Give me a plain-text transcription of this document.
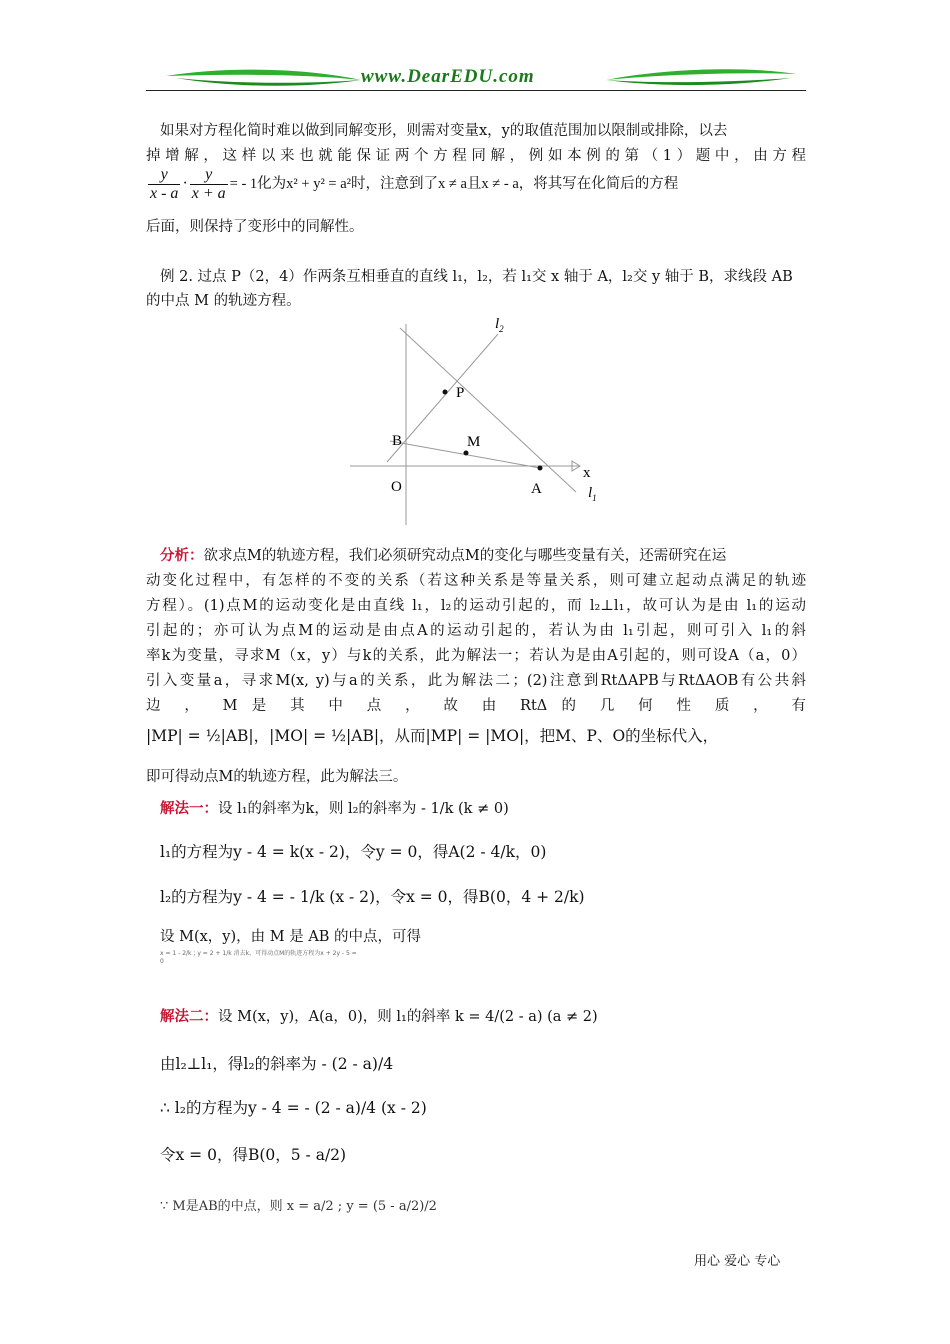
www.DearEDU.com

如果对方程化简时难以做到同解变形，则需对变量x，y的取值范围加以限制或排除，以去

掉增解，这样以来也就能保证两个方程同解，例如本例的第（1）题中，由方程

$\frac{y}{x - a} \cdot \frac{y}{x + a}$ = - 1化为x² + y² = a²时，注意到了x ≠ a且x ≠ - a，将其写在化简后的方程

后面，则保持了变形中的同解性。

例 2. 过点 P（2，4）作两条互相垂直的直线 l₁，l₂，若 l₁交 x 轴于 A，l₂交 y 轴于 B，求线段 AB

的中点 M 的轨迹方程。

$l_2$
P
B	M
x
O	A	$l_1$

分析：欲求点M的轨迹方程，我们必须研究动点M的变化与哪些变量有关，还需研究在运

动变化过程中，有怎样的不变的关系（若这种关系是等量关系，则可建立起动点满足的轨迹

方程）。(1)点M的运动变化是由直线 l₁，l₂的运动引起的，而 l₂⊥l₁，故可认为是由 l₁的运动

引起的；亦可认为点M的运动是由点A的运动引起的，若认为由 l₁引起，则可引入 l₁的斜

率k为变量，寻求M（x，y）与k的关系，此为解法一；若认为是由A引起的，则可设A（a，0）

引入变量a，寻求M(x, y)与a的关系，此为解法二；(2)注意到RtΔAPB与RtΔAOB有公共斜

边 ， M 是 其 中 点 ， 故 由 RtΔ 的 几 何 性 质 ， 有

|MP| = ½|AB|，|MO| = ½|AB|，从而|MP| = |MO|，把M、P、O的坐标代入，

即可得动点M的轨迹方程，此为解法三。

解法一：设 l₁的斜率为k，则 l₂的斜率为 - 1/k (k ≠ 0)

l₁的方程为y - 4 = k(x - 2)，令y = 0，得A(2 - 4/k，0)

l₂的方程为y - 4 = - 1/k (x - 2)，令x = 0，得B(0，4 + 2/k)

设 M(x，y)，由 M 是 AB 的中点，可得

x = 1 - 2/k ; y = 2 + 1/k 消去k，可得动点M的轨迹方程为x + 2y - 5 = 0

解法二：设 M(x，y)，A(a，0)，则 l₁的斜率 k = 4/(2 - a) (a ≠ 2)

由l₂⊥l₁，得l₂的斜率为 - (2 - a)/4

∴ l₂的方程为y - 4 = - (2 - a)/4 (x - 2)

令x = 0，得B(0，5 - a/2)

∵ M是AB的中点，则 x = a/2 ; y = (5 - a/2)/2

用心 爱心 专心
